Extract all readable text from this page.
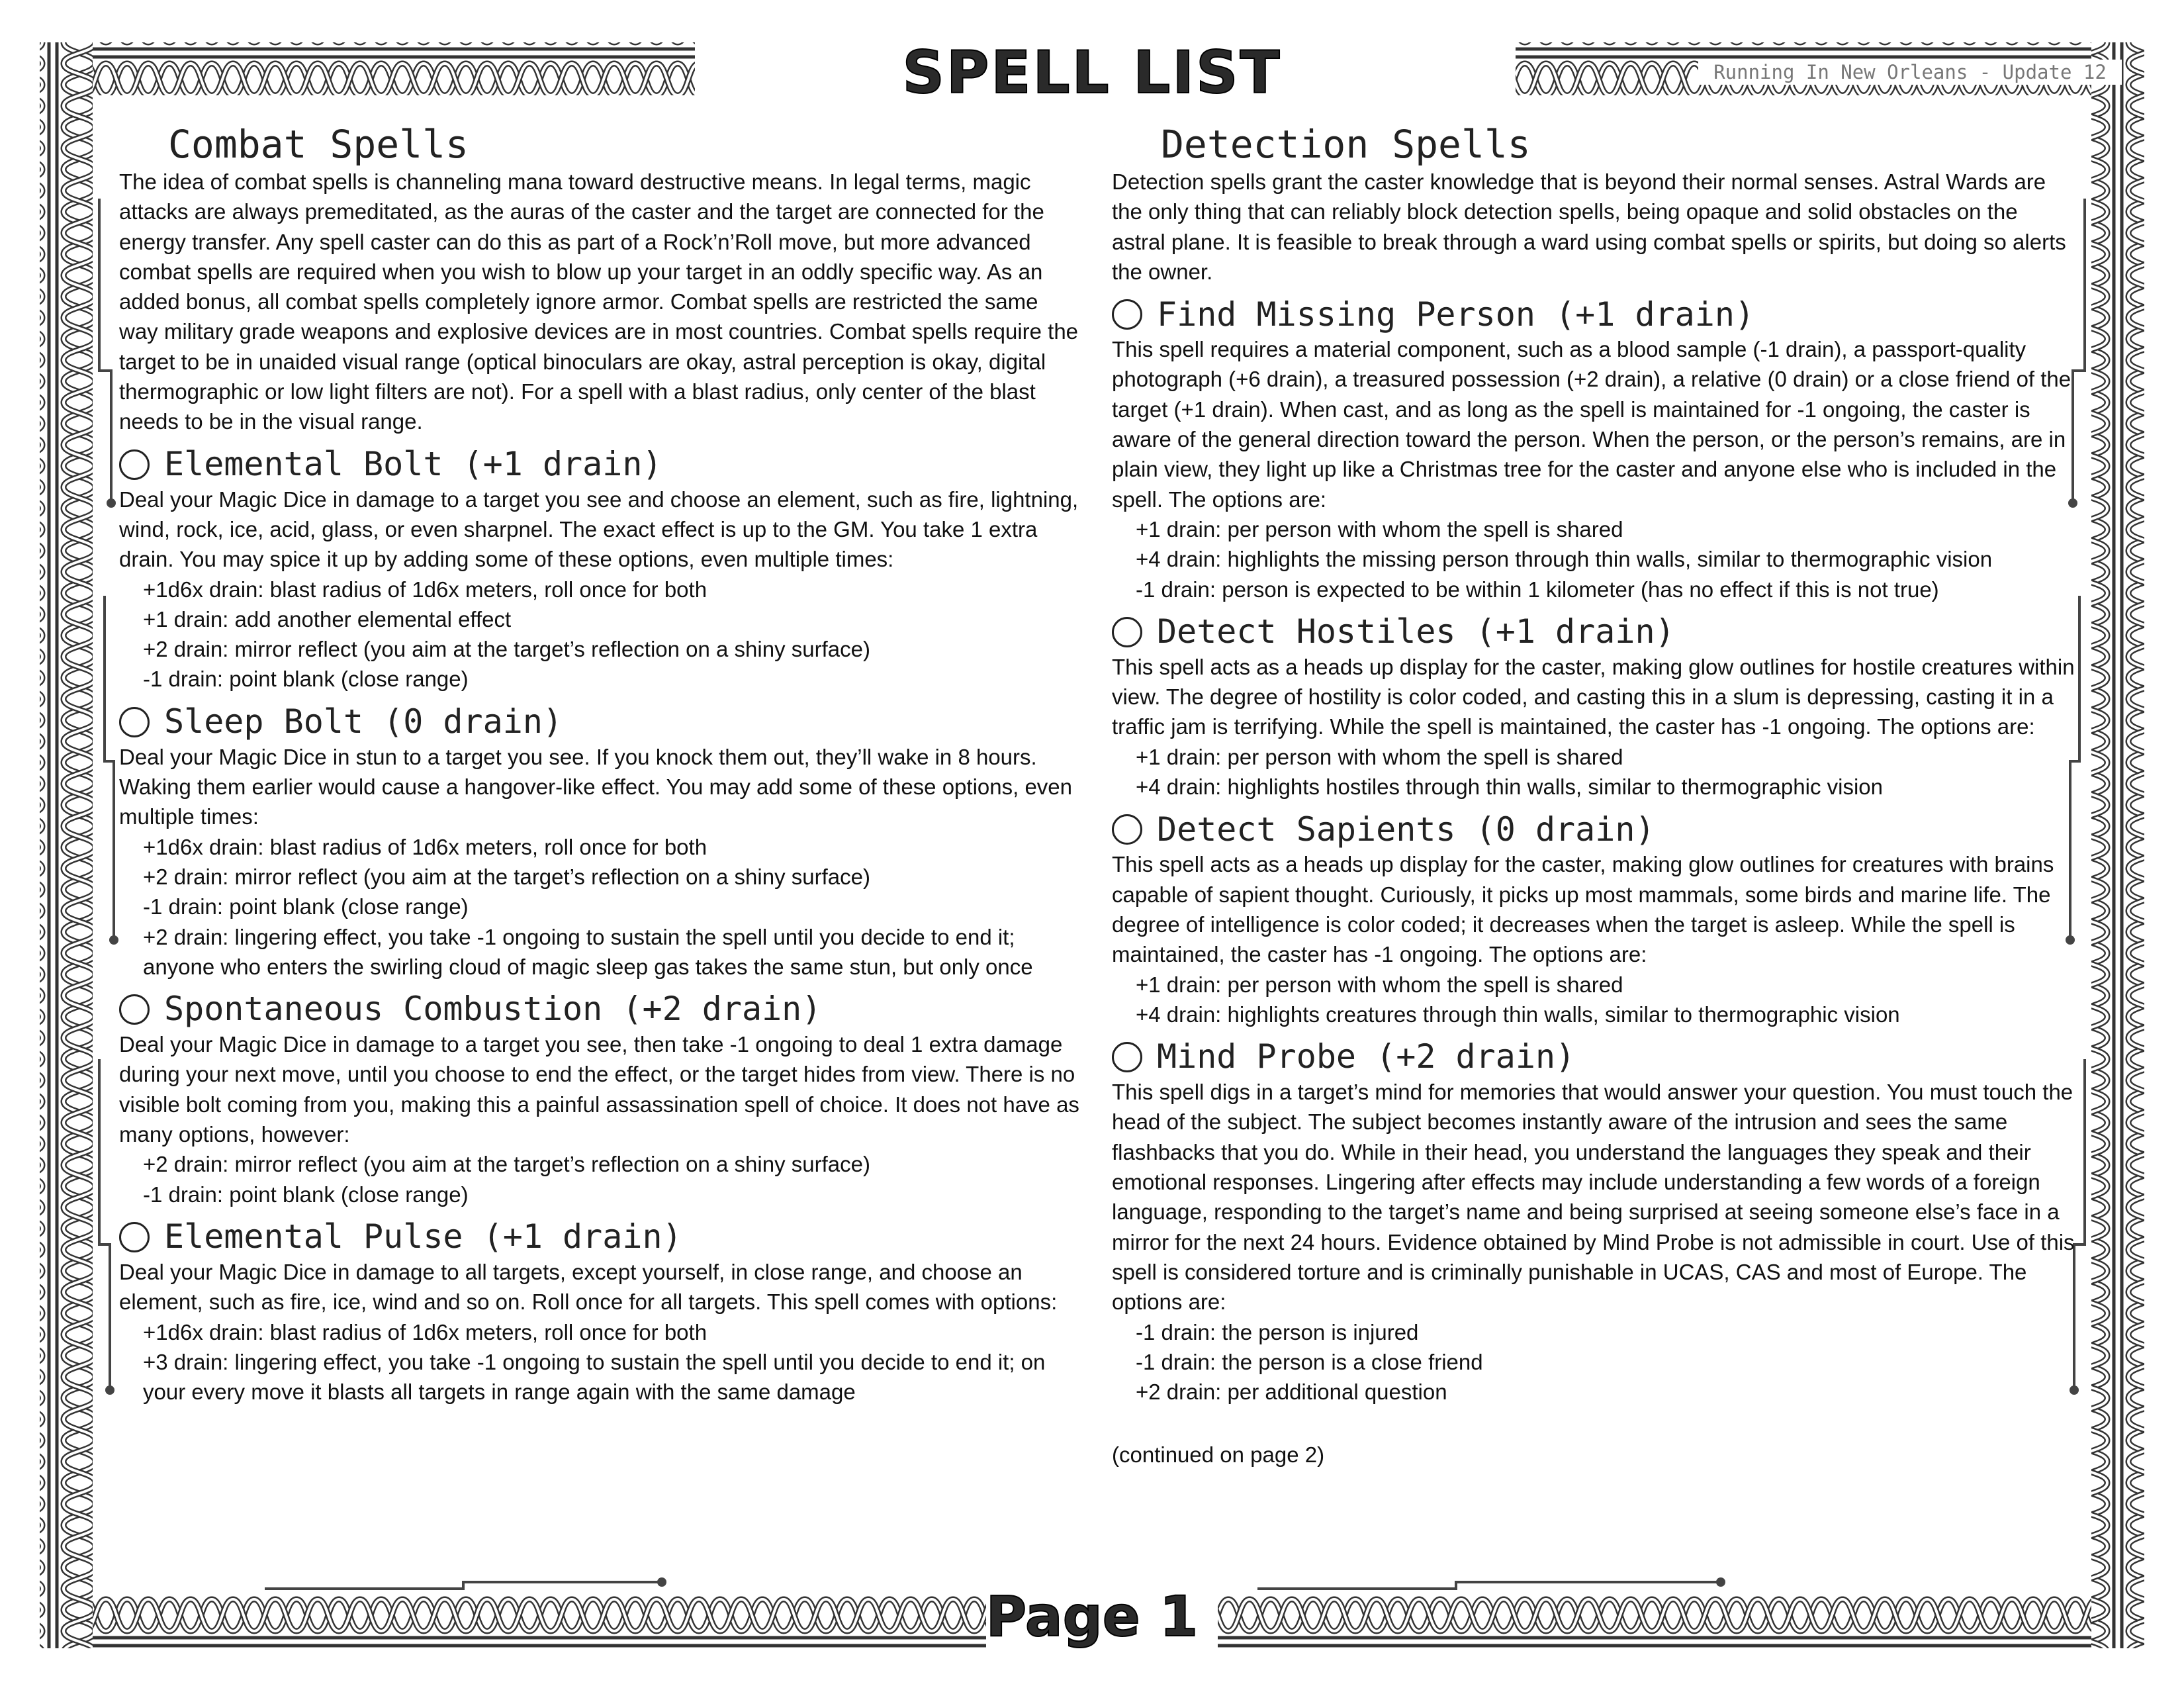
SPELL LIST	Running In New Orleans - Update 12
Page 1
Combat Spells

The idea of combat spells is channeling mana toward destructive means. In legal terms, magic attacks are always premeditated, as the auras of the caster and the target are connected for the energy transfer. Any spell caster can do this as part of a Rock’n’Roll move, but more advanced combat spells are required when you wish to blow up your target in an oddly specific way. As an added bonus, all combat spells completely ignore armor. Combat spells are restricted the same way military grade weapons and explosive devices are in most countries. Combat spells require the target to be in unaided visual range (optical binoculars are okay, astral perception is okay, digital thermographic or low light filters are not). For a spell with a blast radius, only center of the blast needs to be in the visual range.

Elemental Bolt (+1 drain)

Deal your Magic Dice in damage to a target you see and choose an element, such as fire, lightning, wind, rock, ice, acid, glass, or even sharpnel. The exact effect is up to the GM. You take 1 extra drain. You may spice it up by adding some of these options, even multiple times:

+1d6x drain: blast radius of 1d6x meters, roll once for both

+1 drain: add another elemental effect

+2 drain: mirror reflect (you aim at the target’s reflection on a shiny surface)

-1 drain: point blank (close range)

Sleep Bolt (0 drain)

Deal your Magic Dice in stun to a target you see. If you knock them out, they’ll wake in 8 hours. Waking them earlier would cause a hangover-like effect. You may add some of these options, even multiple times:

+1d6x drain: blast radius of 1d6x meters, roll once for both

+2 drain: mirror reflect (you aim at the target’s reflection on a shiny surface)

-1 drain: point blank (close range)

+2 drain: lingering effect, you take -1 ongoing to sustain the spell until you decide to end it; anyone who enters the swirling cloud of magic sleep gas takes the same stun, but only once

Spontaneous Combustion (+2 drain)

Deal your Magic Dice in damage to a target you see, then take -1 ongoing to deal 1 extra damage during your next move, until you choose to end the effect, or the target hides from view. There is no visible bolt coming from you, making this a painful assassination spell of choice. It does not have as many options, however:

+2 drain: mirror reflect (you aim at the target’s reflection on a shiny surface)

-1 drain: point blank (close range)

Elemental Pulse (+1 drain)

Deal your Magic Dice in damage to all targets, except yourself, in close range, and choose an element, such as fire, ice, wind and so on. Roll once for all targets. This spell comes with options:

+1d6x drain: blast radius of 1d6x meters, roll once for both

+3 drain: lingering effect, you take -1 ongoing to sustain the spell until you decide to end it; on your every move it blasts all targets in range again with the same damage

Detection Spells

Detection spells grant the caster knowledge that is beyond their normal senses. Astral Wards are the only thing that can reliably block detection spells, being opaque and solid obstacles on the astral plane. It is feasible to break through a ward using combat spells or spirits, but doing so alerts the owner.

Find Missing Person (+1 drain)

This spell requires a material component, such as a blood sample (-1 drain), a passport-quality photograph (+6 drain), a treasured possession (+2 drain), a relative (0 drain) or a close friend of the target (+1 drain). When cast, and as long as the spell is maintained for -1 ongoing, the caster is aware of the general direction toward the person. When the person, or the person’s remains, are in plain view, they light up like a Christmas tree for the caster and anyone else who is included in the spell. The options are:

+1 drain: per person with whom the spell is shared

+4 drain: highlights the missing person through thin walls, similar to thermographic vision

-1 drain: person is expected to be within 1 kilometer (has no effect if this is not true)

Detect Hostiles (+1 drain)

This spell acts as a heads up display for the caster, making glow outlines for hostile creatures within view. The degree of hostility is color coded, and casting this in a slum is depressing, casting it in a traffic jam is terrifying. While the spell is maintained, the caster has -1 ongoing. The options are:

+1 drain: per person with whom the spell is shared

+4 drain: highlights hostiles through thin walls, similar to thermographic vision

Detect Sapients (0 drain)

This spell acts as a heads up display for the caster, making glow outlines for creatures with brains capable of sapient thought. Curiously, it picks up most mammals, some birds and marine life. The degree of intelligence is color coded; it decreases when the target is asleep. While the spell is maintained, the caster has -1 ongoing. The options are:

+1 drain: per person with whom the spell is shared

+4 drain: highlights creatures through thin walls, similar to thermographic vision

Mind Probe (+2 drain)

This spell digs in a target’s mind for memories that would answer your question. You must touch the head of the subject. The subject becomes instantly aware of the intrusion and sees the same flashbacks that you do. While in their head, you understand the languages they speak and their emotional responses. Lingering after effects may include understanding a few words of a foreign language, responding to the target’s name and being surprised at seeing someone else’s face in a mirror for the next 24 hours. Evidence obtained by Mind Probe is not admissible in court. Use of this spell is considered torture and is criminally punishable in UCAS, CAS and most of Europe. The options are:

-1 drain: the person is injured

-1 drain: the person is a close friend

+2 drain: per additional question

(continued on page 2)
